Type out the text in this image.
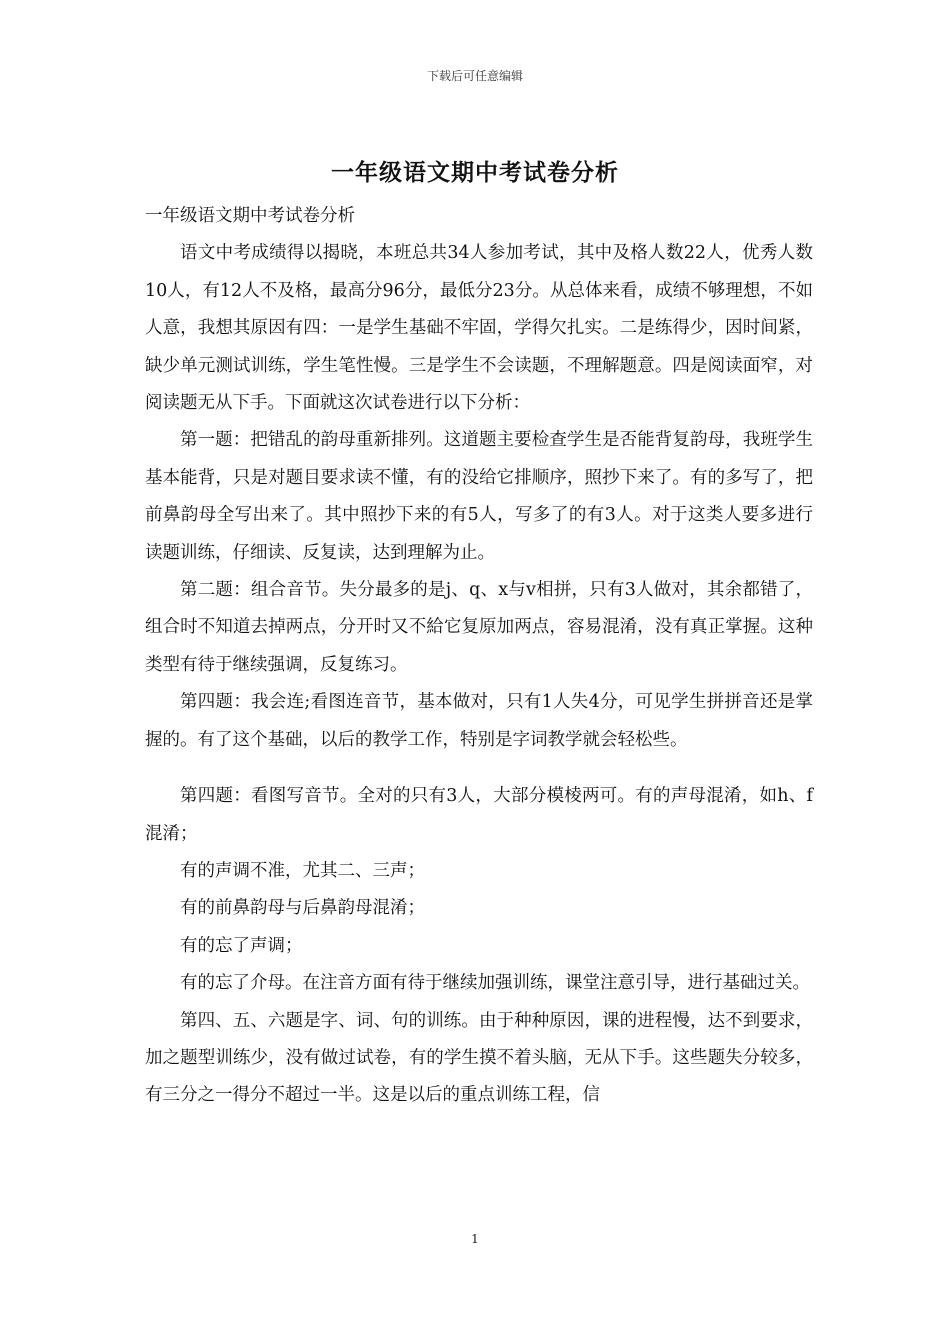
下载后可任意编辑
一年级语文期中考试卷分析

一年级语文期中考试卷分析

语文中考成绩得以揭晓，本班总共34人参加考试，其中及格人数22人，优秀人数10人，有12人不及格，最高分96分，最低分23分。从总体来看，成绩不够理想，不如人意，我想其原因有四：一是学生基础不牢固，学得欠扎实。二是练得少，因时间紧，缺少单元测试训练，学生笔性慢。三是学生不会读题，不理解题意。四是阅读面窄，对阅读题无从下手。下面就这次试卷进行以下分析：

第一题：把错乱的韵母重新排列。这道题主要检查学生是否能背复韵母，我班学生基本能背，只是对题目要求读不懂，有的没给它排顺序，照抄下来了。有的多写了，把前鼻韵母全写出来了。其中照抄下来的有5人，写多了的有3人。对于这类人要多进行读题训练，仔细读、反复读，达到理解为止。

第二题：组合音节。失分最多的是j、q、x与v相拼，只有3人做对，其余都错了，组合时不知道去掉两点，分开时又不給它复原加两点，容易混淆，没有真正掌握。这种类型有待于继续强调，反复练习。

第四题：我会连;看图连音节，基本做对，只有1人失4分，可见学生拼拼音还是掌握的。有了这个基础，以后的教学工作，特别是字词教学就会轻松些。

第四题：看图写音节。全对的只有3人，大部分模棱两可。有的声母混淆，如h、f混淆；

有的声调不准，尤其二、三声；

有的前鼻韵母与后鼻韵母混淆；

有的忘了声调；

有的忘了介母。在注音方面有待于继续加强训练，课堂注意引导，进行基础过关。

第四、五、六题是字、词、句的训练。由于种种原因，课的进程慢，达不到要求，加之题型训练少，没有做过试卷，有的学生摸不着头脑，无从下手。这些题失分较多，有三分之一得分不超过一半。这是以后的重点训练工程，信

1
